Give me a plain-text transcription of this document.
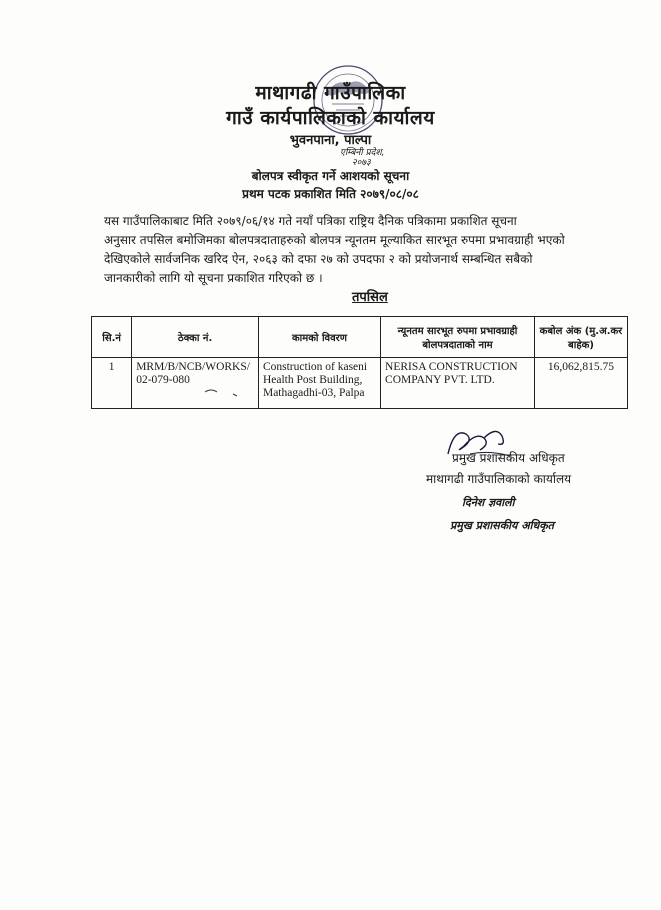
माथागढी गाउँपालिका
गाउँ कार्यपालिकाको कार्यालय
भुवनपाना, पाल्पा
एम्बिनी प्रदेश,
२०७३
बोलपत्र स्वीकृत गर्ने आशयको सूचना
प्रथम पटक प्रकाशित मिति २०७९/०८/०८
यस गाउँपालिकाबाट मिति २०७९/०६/१४ गते नयाँ पत्रिका राष्ट्रिय दैनिक पत्रिकामा प्रकाशित सूचना
अनुसार तपसिल बमोजिमका बोलपत्रदाताहरुको बोलपत्र न्यूनतम मूल्याकित सारभूत रुपमा प्रभावग्राही भएको
देखिएकोले सार्वजनिक खरिद ऐन, २०६३ को दफा २७ को उपदफा २ को प्रयोजनार्थ सम्बन्धित सबैको
जानकारीको लागि यो सूचना प्रकाशित गरिएको छ ।
तपसिल
सि.नं	ठेक्का नं.	कामको विवरण	न्यूनतम सारभूत रुपमा प्रभावग्राही बोलपत्रदाताको नाम	कबोल अंक (मु.अ.कर बाहेक)
1	MRM/B/NCB/WORKS/ 02-079-080	Construction of kaseni Health Post Building, Mathagadhi-03, Palpa	NERISA CONSTRUCTION COMPANY PVT. LTD.	16,062,815.75
प्रमुख प्रशासकीय अधिकृत
माथागढी गाउँपालिकाको कार्यालय
दिनेश ज्ञवाली
प्रमुख प्रशासकीय अधिकृत
